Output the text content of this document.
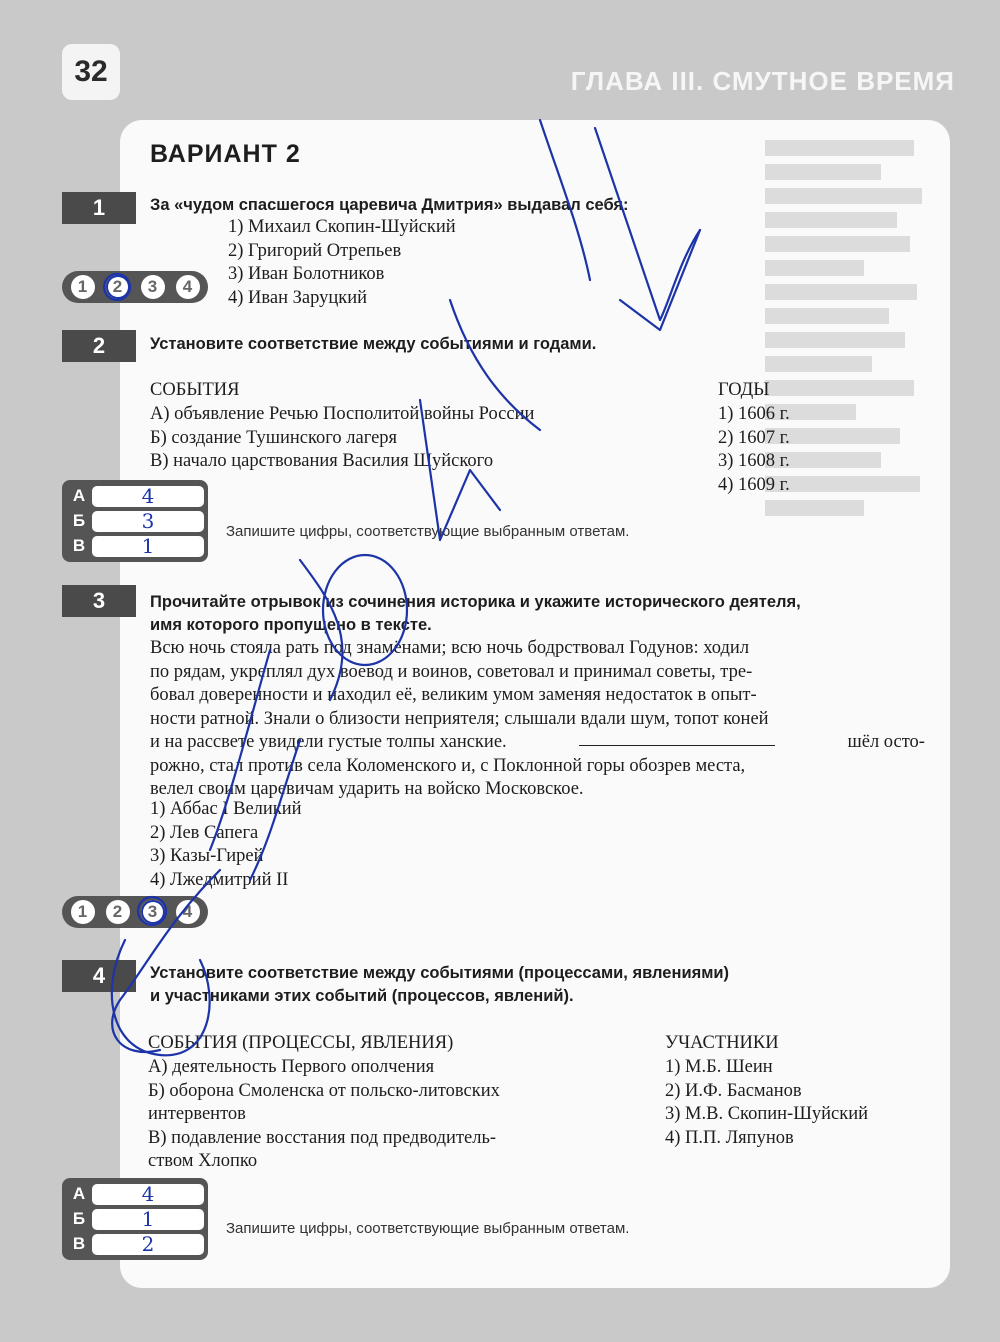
32	ГЛАВА III. СМУТНОЕ ВРЕМЯ
ВАРИАНТ 2
1	За «чудом спасшегося царевича Дмитрия» выдавал себя:
1) Михаил Скопин-Шуйский
2) Григорий Отрепьев
3) Иван Болотников
4) Иван Заруцкий
1	2	3	4
2	Установите соответствие между событиями и годами.
СОБЫТИЯ	ГОДЫ
А) объявление Речью Посполитой войны России
Б) создание Тушинского лагеря
В) начало царствования Василия Шуйского
1) 1606 г.
2) 1607 г.
3) 1608 г.
4) 1609 г.
А	4
Б	3
В	1
Запишите цифры, соответствующие выбранным ответам.
3	Прочитайте отрывок из сочинения историка и укажите исторического деятеля,
имя которого пропущено в тексте.
Всю ночь стояла рать под знамёнами; всю ночь бодрствовал Годунов: ходил
по рядам, укреплял дух воевод и воинов, советовал и принимал советы, тре-
бовал доверенности и находил её, великим умом заменяя недостаток в опыт-
ности ратной. Знали о близости неприятеля; слышали вдали шум, топот коней
и на рассвете увидели густые толпы ханские.	шёл осто-
рожно, стал против села Коломенского и, с Поклонной горы обозрев места,
велел своим царевичам ударить на войско Московское.
1) Аббас I Великий
2) Лев Сапега
3) Казы-Гирей
4) Лжедмитрий II
1	2	3	4
4	Установите соответствие между событиями (процессами, явлениями)
и участниками этих событий (процессов, явлений).
СОБЫТИЯ (ПРОЦЕССЫ, ЯВЛЕНИЯ)	УЧАСТНИКИ
А) деятельность Первого ополчения
Б) оборона Смоленска от польско-литовских
интервентов
В) подавление восстания под предводитель-
ством Хлопко
1) М.Б. Шеин
2) И.Ф. Басманов
3) М.В. Скопин-Шуйский
4) П.П. Ляпунов
А	4
Б	1
В	2
Запишите цифры, соответствующие выбранным ответам.
